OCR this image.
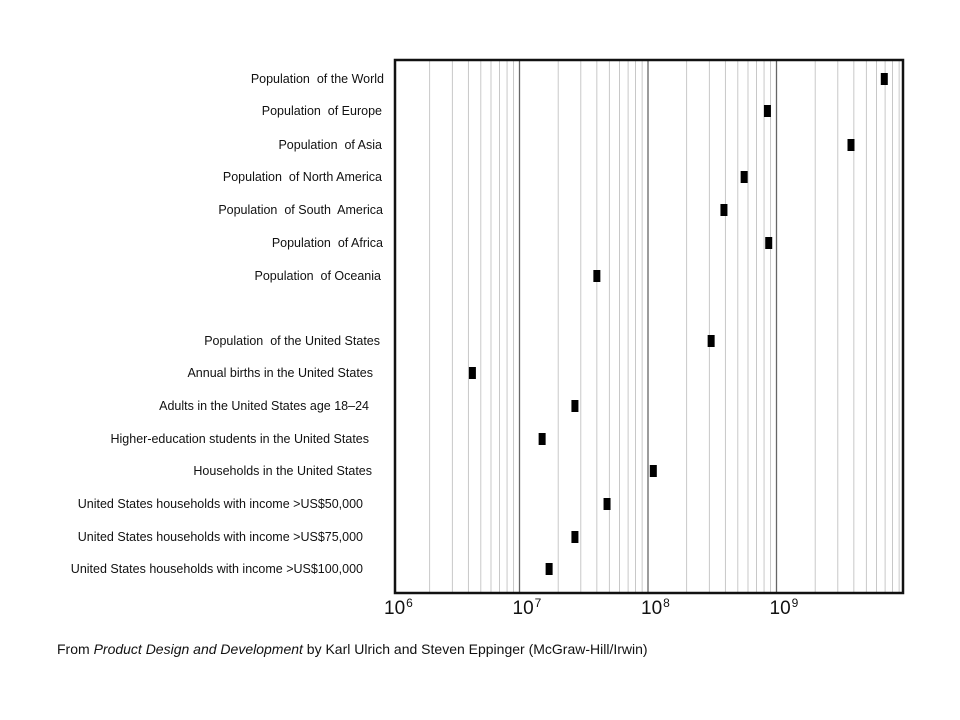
Population  of the World
Population  of Europe
Population  of Asia
Population  of North America
Population  of South  America
Population  of Africa
Population  of Oceania
Population  of the United States
Annual births in the United States
Adults in the United States age 18–24
Higher-education students in the United States
Households in the United States
United States households with income >US$50,000
United States households with income >US$75,000
United States households with income >US$100,000
$10^6$	$10^7$	$10^8$	$10^9$
From Product Design and Development by Karl Ulrich and Steven Eppinger (McGraw-Hill/Irwin)
